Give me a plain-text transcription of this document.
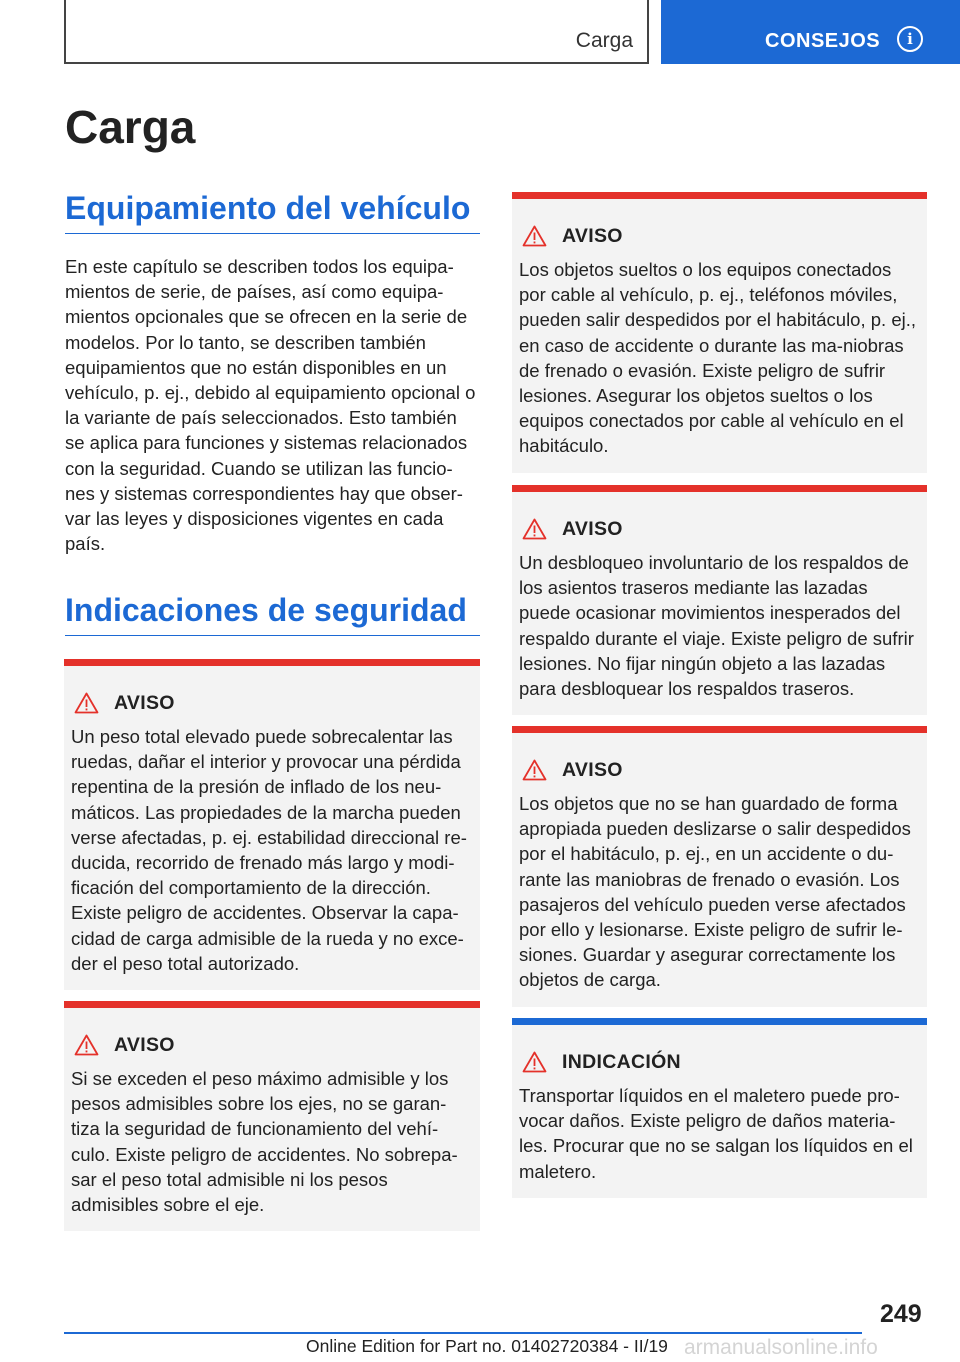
Carga	CONSEJOS	i
Carga
Equipamiento del vehículo

En este capítulo se describen todos los equipa-mientos de serie, de países, así como equipa-mientos opcionales que se ofrecen en la serie de modelos. Por lo tanto, se describen también equipamientos que no están disponibles en un vehículo, p. ej., debido al equipamiento opcional o la variante de país seleccionados. Esto también se aplica para funciones y sistemas relacionados con la seguridad. Cuando se utilizan las funcio-nes y sistemas correspondientes hay que obser-var las leyes y disposiciones vigentes en cada país.

Indicaciones de seguridad
AVISO

Un peso total elevado puede sobrecalentar las ruedas, dañar el interior y provocar una pérdida repentina de la presión de inflado de los neu-máticos. Las propiedades de la marcha pueden verse afectadas, p. ej. estabilidad direccional re-ducida, recorrido de frenado más largo y modi-ficación del comportamiento de la dirección. Existe peligro de accidentes. Observar la capa-cidad de carga admisible de la rueda y no exce-der el peso total autorizado.

AVISO

Si se exceden el peso máximo admisible y los pesos admisibles sobre los ejes, no se garan-tiza la seguridad de funcionamiento del vehí-culo. Existe peligro de accidentes. No sobrepa-sar el peso total admisible ni los pesos admisibles sobre el eje.

AVISO

Los objetos sueltos o los equipos conectados por cable al vehículo, p. ej., teléfonos móviles, pueden salir despedidos por el habitáculo, p. ej., en caso de accidente o durante las ma-niobras de frenado o evasión. Existe peligro de sufrir lesiones. Asegurar los objetos sueltos o los equipos conectados por cable al vehículo en el habitáculo.

AVISO

Un desbloqueo involuntario de los respaldos de los asientos traseros mediante las lazadas puede ocasionar movimientos inesperados del respaldo durante el viaje. Existe peligro de sufrir lesiones. No fijar ningún objeto a las lazadas para desbloquear los respaldos traseros.

AVISO

Los objetos que no se han guardado de forma apropiada pueden deslizarse o salir despedidos por el habitáculo, p. ej., en un accidente o du-rante las maniobras de frenado o evasión. Los pasajeros del vehículo pueden verse afectados por ello y lesionarse. Existe peligro de sufrir le-siones. Guardar y asegurar correctamente los objetos de carga.

INDICACIÓN

Transportar líquidos en el maletero puede pro-vocar daños. Existe peligro de daños materia-les. Procurar que no se salgan los líquidos en el maletero.

249
Online Edition for Part no. 01402720384 - II/19 armanualsonline.info
